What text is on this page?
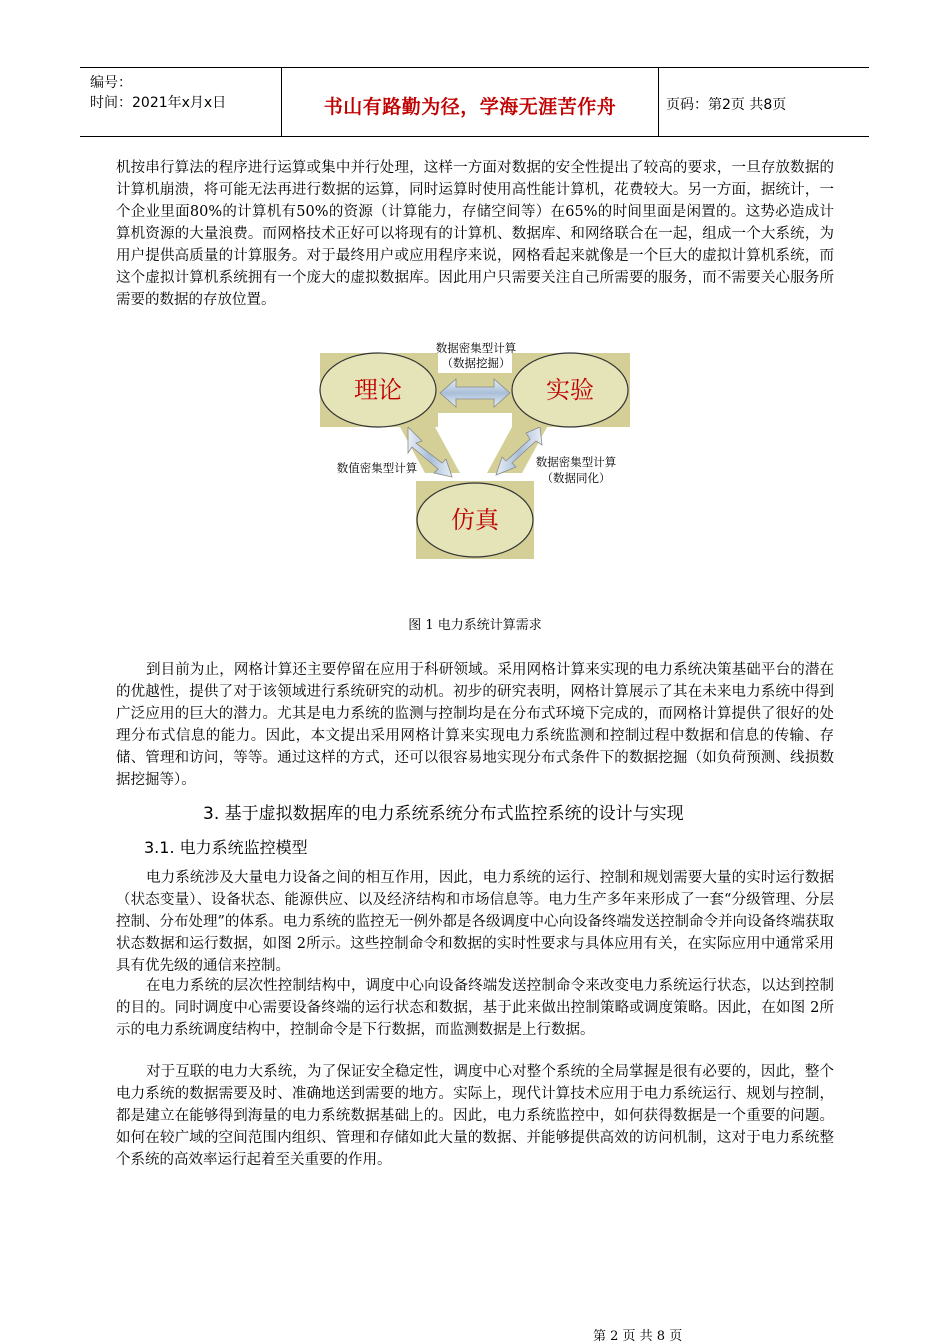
编号：
时间：2021年x月x日	书山有路勤为径，学海无涯苦作舟	页码：第2页 共8页

机按串行算法的程序进行运算或集中并行处理，这样一方面对数据的安全性提出了较高的要求，一旦存放数据的计算机崩溃，将可能无法再进行数据的运算，同时运算时使用高性能计算机，花费较大。另一方面，据统计，一个企业里面80%的计算机有50%的资源（计算能力，存储空间等）在65%的时间里面是闲置的。这势必造成计算机资源的大量浪费。而网格技术正好可以将现有的计算机、数据库、和网络联合在一起，组成一个大系统，为用户提供高质量的计算服务。对于最终用户或应用程序来说，网格看起来就像是一个巨大的虚拟计算机系统，而这个虚拟计算机系统拥有一个庞大的虚拟数据库。因此用户只需要关注自己所需要的服务，而不需要关心服务所需要的数据的存放位置。

理论	实验
仿真
数据密集型计算
（数据挖掘）
数值密集型计算	数据密集型计算
（数据同化）
图 1 电力系统计算需求

到目前为止，网格计算还主要停留在应用于科研领域。采用网格计算来实现的电力系统决策基础平台的潜在的优越性，提供了对于该领域进行系统研究的动机。初步的研究表明，网格计算展示了其在未来电力系统中得到广泛应用的巨大的潜力。尤其是电力系统的监测与控制均是在分布式环境下完成的，而网格计算提供了很好的处理分布式信息的能力。因此，本文提出采用网格计算来实现电力系统监测和控制过程中数据和信息的传输、存储、管理和访问，等等。通过这样的方式，还可以很容易地实现分布式条件下的数据挖掘（如负荷预测、线损数据挖掘等）。

3. 基于虚拟数据库的电力系统系统分布式监控系统的设计与实现
3.1. 电力系统监控模型

电力系统涉及大量电力设备之间的相互作用，因此，电力系统的运行、控制和规划需要大量的实时运行数据（状态变量）、设备状态、能源供应、以及经济结构和市场信息等。电力生产多年来形成了一套“分级管理、分层控制、分布处理”的体系。电力系统的监控无一例外都是各级调度中心向设备终端发送控制命令并向设备终端获取状态数据和运行数据，如图 2所示。这些控制命令和数据的实时性要求与具体应用有关，在实际应用中通常采用具有优先级的通信来控制。

在电力系统的层次性控制结构中，调度中心向设备终端发送控制命令来改变电力系统运行状态，以达到控制的目的。同时调度中心需要设备终端的运行状态和数据，基于此来做出控制策略或调度策略。因此，在如图 2所示的电力系统调度结构中，控制命令是下行数据，而监测数据是上行数据。

对于互联的电力大系统，为了保证安全稳定性，调度中心对整个系统的全局掌握是很有必要的，因此，整个电力系统的数据需要及时、准确地送到需要的地方。实际上，现代计算技术应用于电力系统运行、规划与控制，都是建立在能够得到海量的电力系统数据基础上的。因此，电力系统监控中，如何获得数据是一个重要的问题。如何在较广域的空间范围内组织、管理和存储如此大量的数据、并能够提供高效的访问机制，这对于电力系统整个系统的高效率运行起着至关重要的作用。

第 2 页 共 8 页
